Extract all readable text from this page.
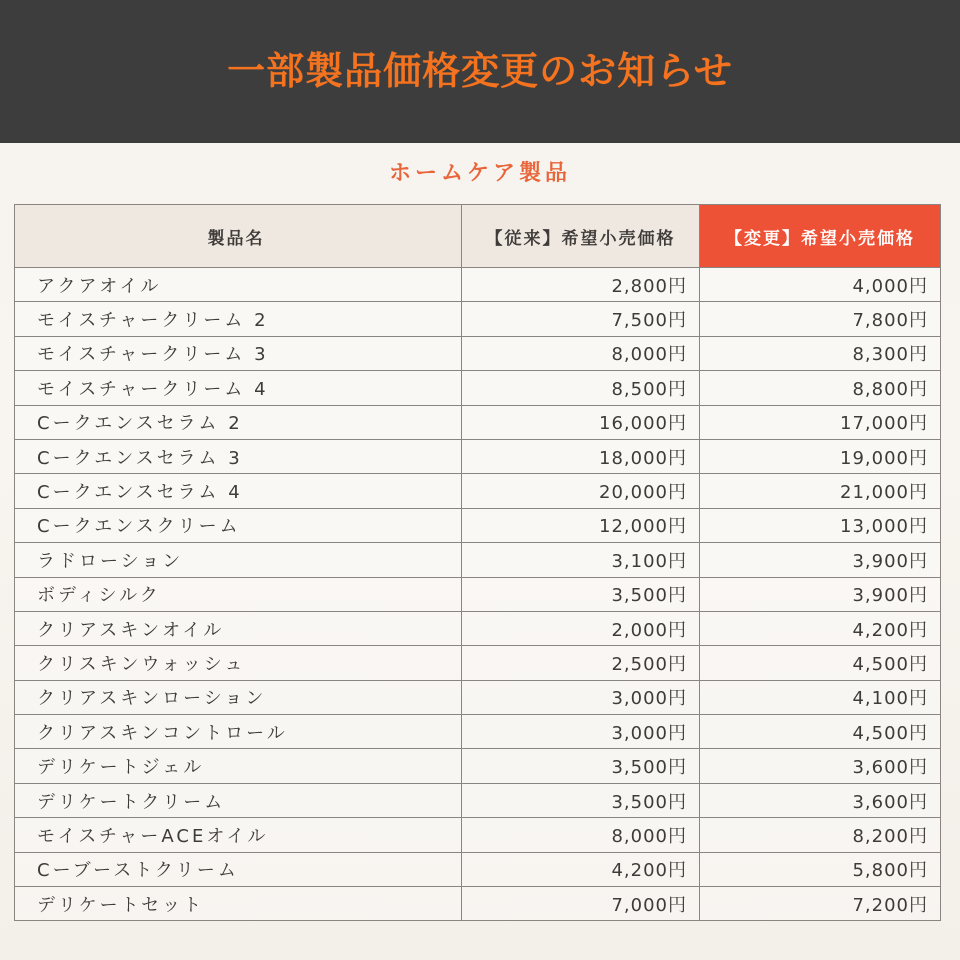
一部製品価格変更のお知らせ
ホームケア製品
製品名	【従来】希望小売価格	【変更】希望小売価格
アクアオイル	2,800円	4,000円
モイスチャークリーム 2	7,500円	7,800円
モイスチャークリーム 3	8,000円	8,300円
モイスチャークリーム 4	8,500円	8,800円
Cークエンスセラム 2	16,000円	17,000円
Cークエンスセラム 3	18,000円	19,000円
Cークエンスセラム 4	20,000円	21,000円
Cークエンスクリーム	12,000円	13,000円
ラドローション	3,100円	3,900円
ボディシルク	3,500円	3,900円
クリアスキンオイル	2,000円	4,200円
クリスキンウォッシュ	2,500円	4,500円
クリアスキンローション	3,000円	4,100円
クリアスキンコントロール	3,000円	4,500円
デリケートジェル	3,500円	3,600円
デリケートクリーム	3,500円	3,600円
モイスチャーACEオイル	8,000円	8,200円
Cーブーストクリーム	4,200円	5,800円
デリケートセット	7,000円	7,200円
